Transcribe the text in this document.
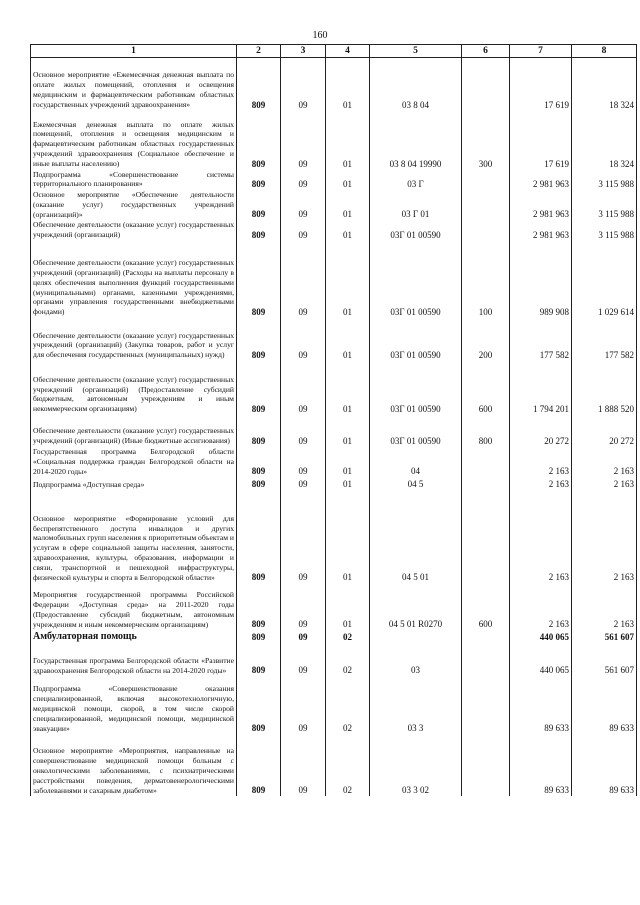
160
1	2	3	4	5	6	7	8
Основное мероприятие «Ежемесячная денежная выплата по оплате жилых помещений, отопления и освещения медицинским и фармацевтическим работникам областных государственных учреждений здравоохранения»	809	09	01	03 8 04		17 619	18 324
Ежемесячная денежная выплата по оплате жилых помещений, отопления и освещения медицинским и фармацевтическим работникам областных государственных учреждений здравоохранения (Социальное обеспечение и иные выплаты населению)	809	09	01	03 8 04 19990	300	17 619	18 324
Подпрограмма «Совершенствование системы территориального планирования»	809	09	01	03 Г		2 981 963	3 115 988
Основное мероприятие «Обеспечение деятельности (оказание услуг) государственных учреждений (организаций)»	809	09	01	03 Г 01		2 981 963	3 115 988
Обеспечение деятельности (оказание услуг) государственных учреждений (организаций)	809	09	01	03Г 01 00590		2 981 963	3 115 988
Обеспечение деятельности (оказание услуг) государственных учреждений (организаций) (Расходы на выплаты персоналу в целях обеспечения выполнения функций государственными (муниципальными) органами, казенными учреждениями, органами управления государственными внебюджетными фондами)	809	09	01	03Г 01 00590	100	989 908	1 029 614
Обеспечение деятельности (оказание услуг) государственных учреждений (организаций) (Закупка товаров, работ и услуг для обеспечения государственных (муниципальных) нужд)	809	09	01	03Г 01 00590	200	177 582	177 582
Обеспечение деятельности (оказание услуг) государственных учреждений (организаций) (Предоставление субсидий бюджетным, автономным учреждениям и иным некоммерческим организациям)	809	09	01	03Г 01 00590	600	1 794 201	1 888 520
Обеспечение деятельности (оказание услуг) государственных учреждений (организаций) (Иные бюджетные ассигнования)	809	09	01	03Г 01 00590	800	20 272	20 272
Государственная программа Белгородской области «Социальная поддержка граждан Белгородской области на 2014-2020 годы»	809	09	01	04		2 163	2 163
Подпрограмма «Доступная среда»	809	09	01	04 5		2 163	2 163
Основное мероприятие «Формирование условий для беспрепятственного доступа инвалидов и других маломобильных групп населения к приоритетным объектам и услугам в сфере социальной защиты населения, занятости, здравоохранения, культуры, образования, информации и связи, транспортной и пешеходной инфраструктуры, физической культуры и спорта в Белгородской области»	809	09	01	04 5 01		2 163	2 163
Мероприятия государственной программы Российской Федерации «Доступная среда» на 2011-2020 годы (Предоставление субсидий бюджетным, автономным учреждениям и иным некоммерческим организациям)	809	09	01	04 5 01 R0270	600	2 163	2 163
Амбулаторная помощь	809	09	02			440 065	561 607
Государственная программа Белгородской области «Развитие здравоохранения Белгородской области на 2014-2020 годы»	809	09	02	03		440 065	561 607
Подпрограмма «Совершенствование оказания специализированной, включая высокотехнологичную, медицинской помощи, скорой, в том числе скорой специализированной, медицинской помощи, медицинской эвакуации»	809	09	02	03 3		89 633	89 633
Основное мероприятие «Мероприятия, направленные на совершенствование медицинской помощи больным с онкологическими заболеваниями, с психиатрическими расстройствами поведения, дерматовенерологическими заболеваниями и сахарным диабетом»	809	09	02	03 3 02		89 633	89 633
